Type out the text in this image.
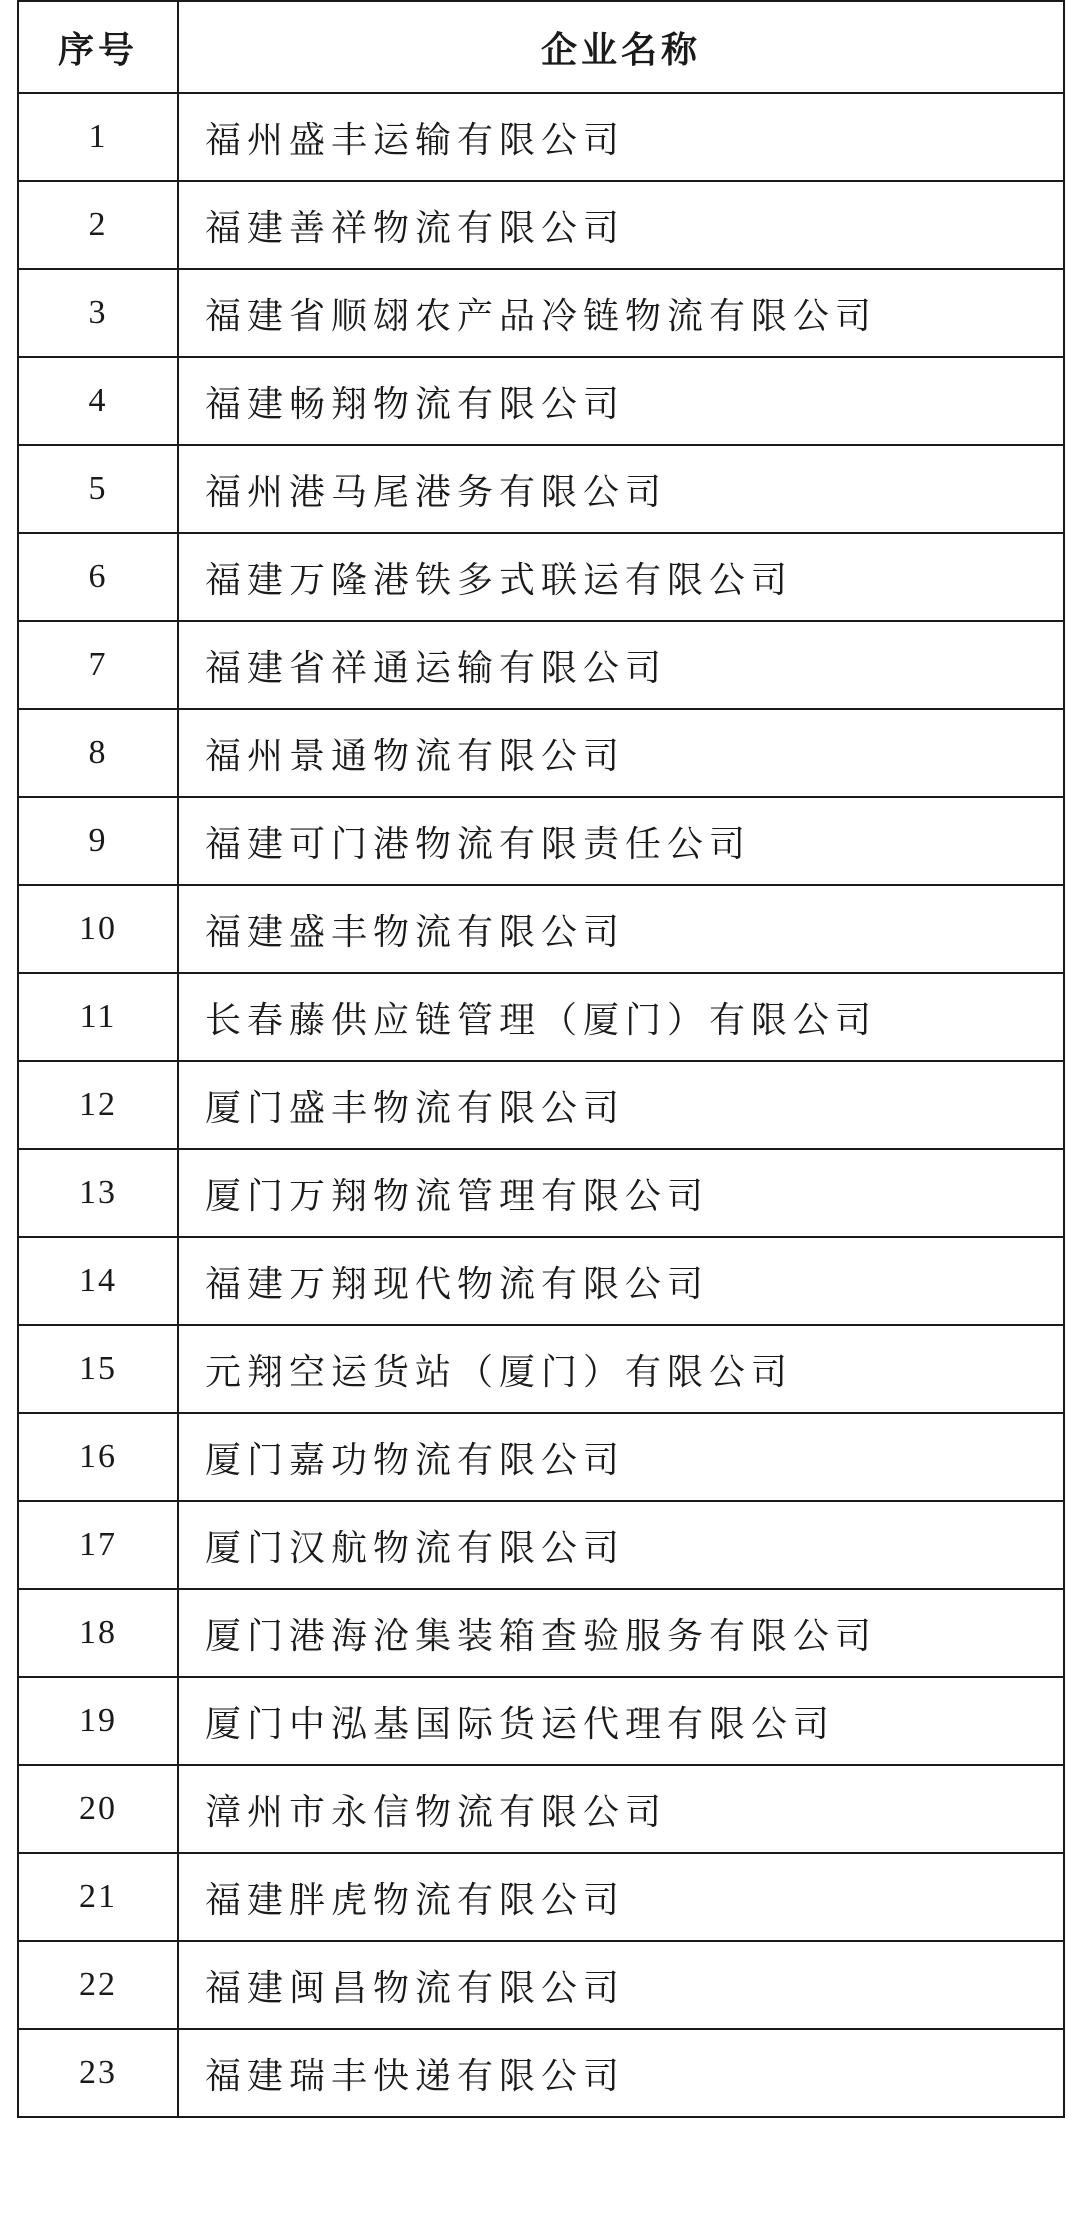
序号	企业名称
1	福州盛丰运输有限公司
2	福建善祥物流有限公司
3	福建省顺翃农产品冷链物流有限公司
4	福建畅翔物流有限公司
5	福州港马尾港务有限公司
6	福建万隆港铁多式联运有限公司
7	福建省祥通运输有限公司
8	福州景通物流有限公司
9	福建可门港物流有限责任公司
10	福建盛丰物流有限公司
11	长春藤供应链管理（厦门）有限公司
12	厦门盛丰物流有限公司
13	厦门万翔物流管理有限公司
14	福建万翔现代物流有限公司
15	元翔空运货站（厦门）有限公司
16	厦门嘉功物流有限公司
17	厦门汉航物流有限公司
18	厦门港海沧集装箱查验服务有限公司
19	厦门中泓基国际货运代理有限公司
20	漳州市永信物流有限公司
21	福建胖虎物流有限公司
22	福建闽昌物流有限公司
23	福建瑞丰快递有限公司
